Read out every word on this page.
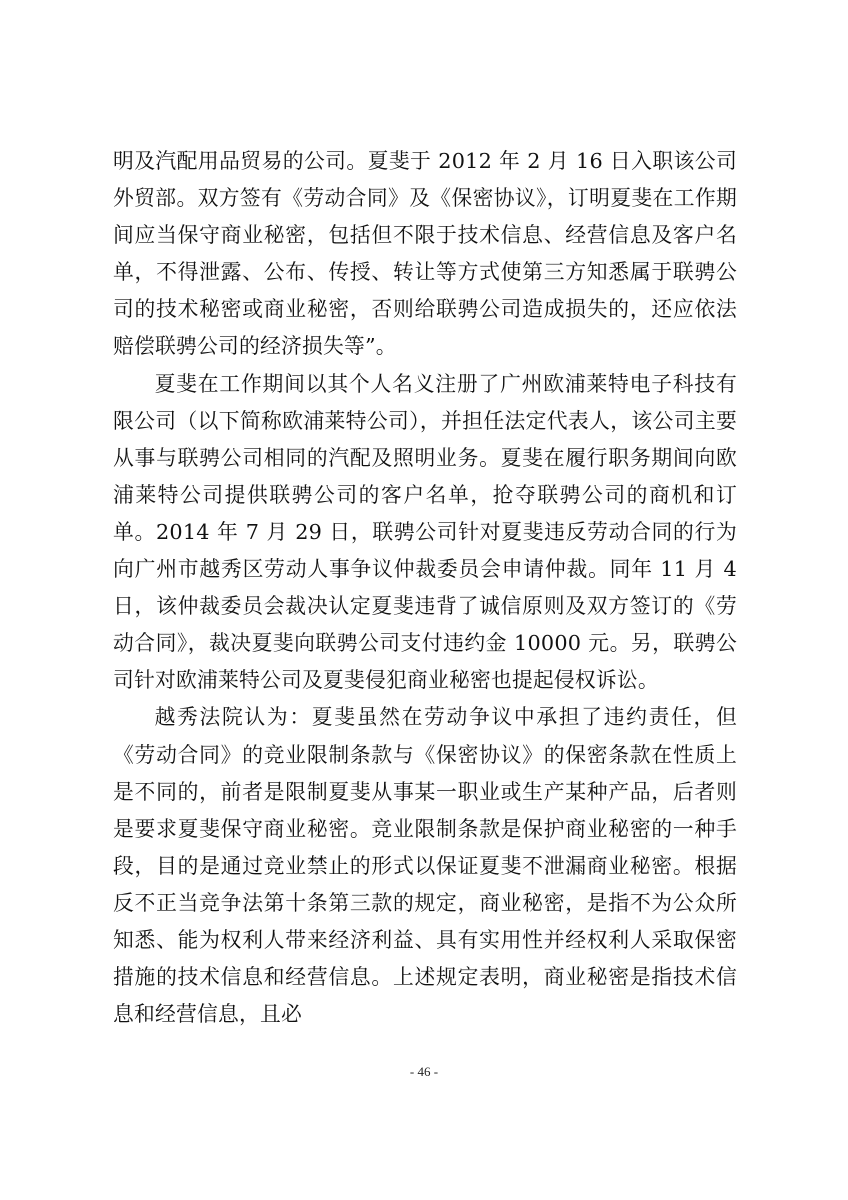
明及汽配用品贸易的公司。夏斐于 2012 年 2 月 16 日入职该公司外贸部。双方签有《劳动合同》及《保密协议》，订明夏斐在工作期间应当保守商业秘密，包括但不限于技术信息、经营信息及客户名单，不得泄露、公布、传授、转让等方式使第三方知悉属于联骋公司的技术秘密或商业秘密，否则给联骋公司造成损失的，还应依法赔偿联骋公司的经济损失等”。

夏斐在工作期间以其个人名义注册了广州欧浦莱特电子科技有限公司（以下简称欧浦莱特公司），并担任法定代表人，该公司主要从事与联骋公司相同的汽配及照明业务。夏斐在履行职务期间向欧浦莱特公司提供联骋公司的客户名单，抢夺联骋公司的商机和订单。2014 年 7 月 29 日，联骋公司针对夏斐违反劳动合同的行为向广州市越秀区劳动人事争议仲裁委员会申请仲裁。同年 11 月 4 日，该仲裁委员会裁决认定夏斐违背了诚信原则及双方签订的《劳动合同》，裁决夏斐向联骋公司支付违约金 10000 元。另，联骋公司针对欧浦莱特公司及夏斐侵犯商业秘密也提起侵权诉讼。

越秀法院认为：夏斐虽然在劳动争议中承担了违约责任，但《劳动合同》的竞业限制条款与《保密协议》的保密条款在性质上是不同的，前者是限制夏斐从事某一职业或生产某种产品，后者则是要求夏斐保守商业秘密。竞业限制条款是保护商业秘密的一种手段，目的是通过竞业禁止的形式以保证夏斐不泄漏商业秘密。根据反不正当竞争法第十条第三款的规定，商业秘密，是指不为公众所知悉、能为权利人带来经济利益、具有实用性并经权利人采取保密措施的技术信息和经营信息。上述规定表明，商业秘密是指技术信息和经营信息，且必

- 46 -
